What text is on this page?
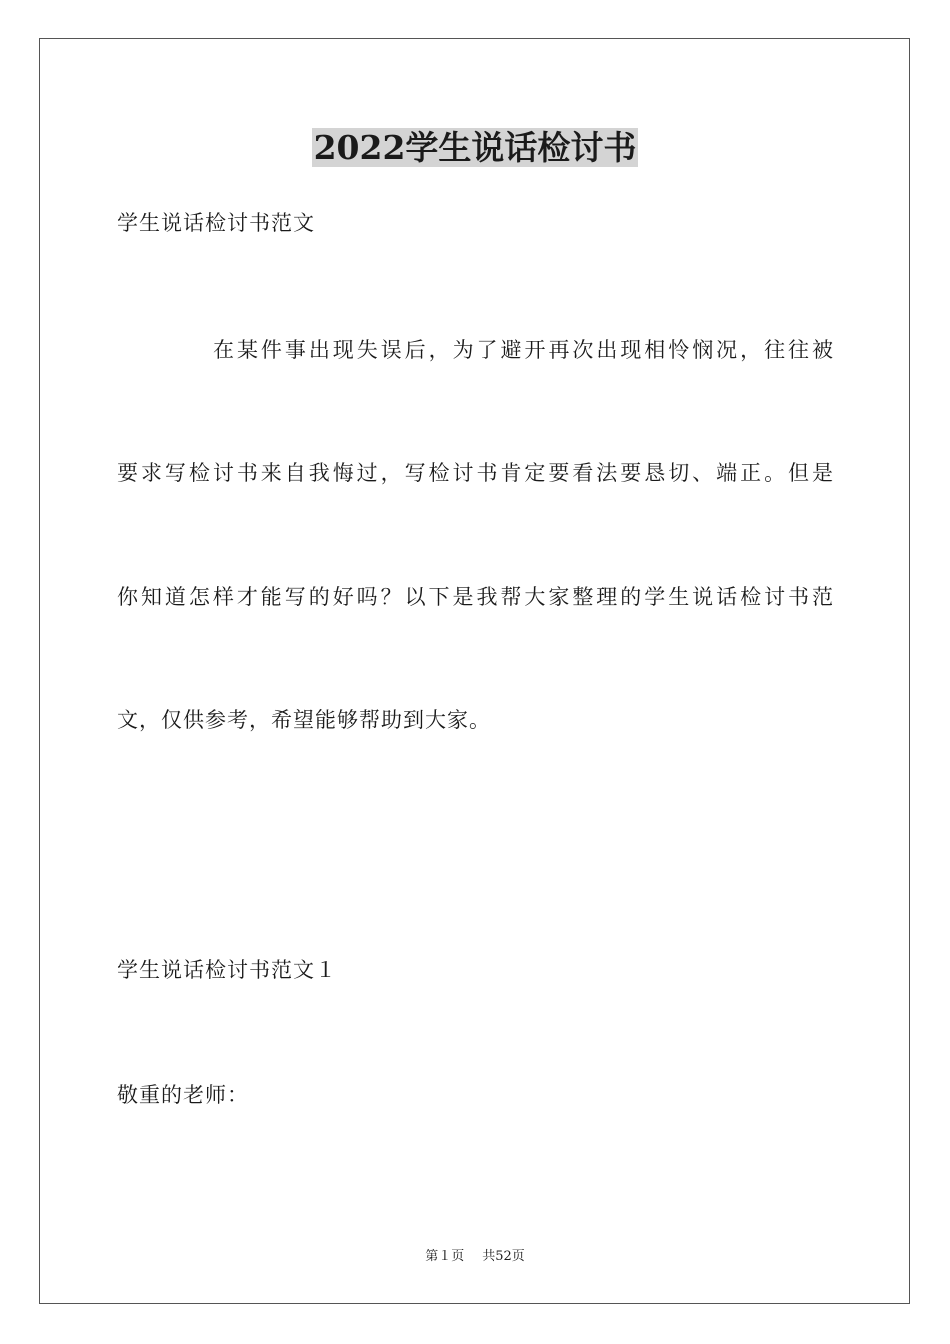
2022学生说话检讨书
学生说话检讨书范文
在某件事出现失误后，为了避开再次出现相怜悯况，往往被
要求写检讨书来自我悔过，写检讨书肯定要看法要恳切、端正。但是
你知道怎样才能写的好吗？以下是我帮大家整理的学生说话检讨书范
文，仅供参考，希望能够帮助到大家。
学生说话检讨书范文１
敬重的老师：
第１页 共52页
